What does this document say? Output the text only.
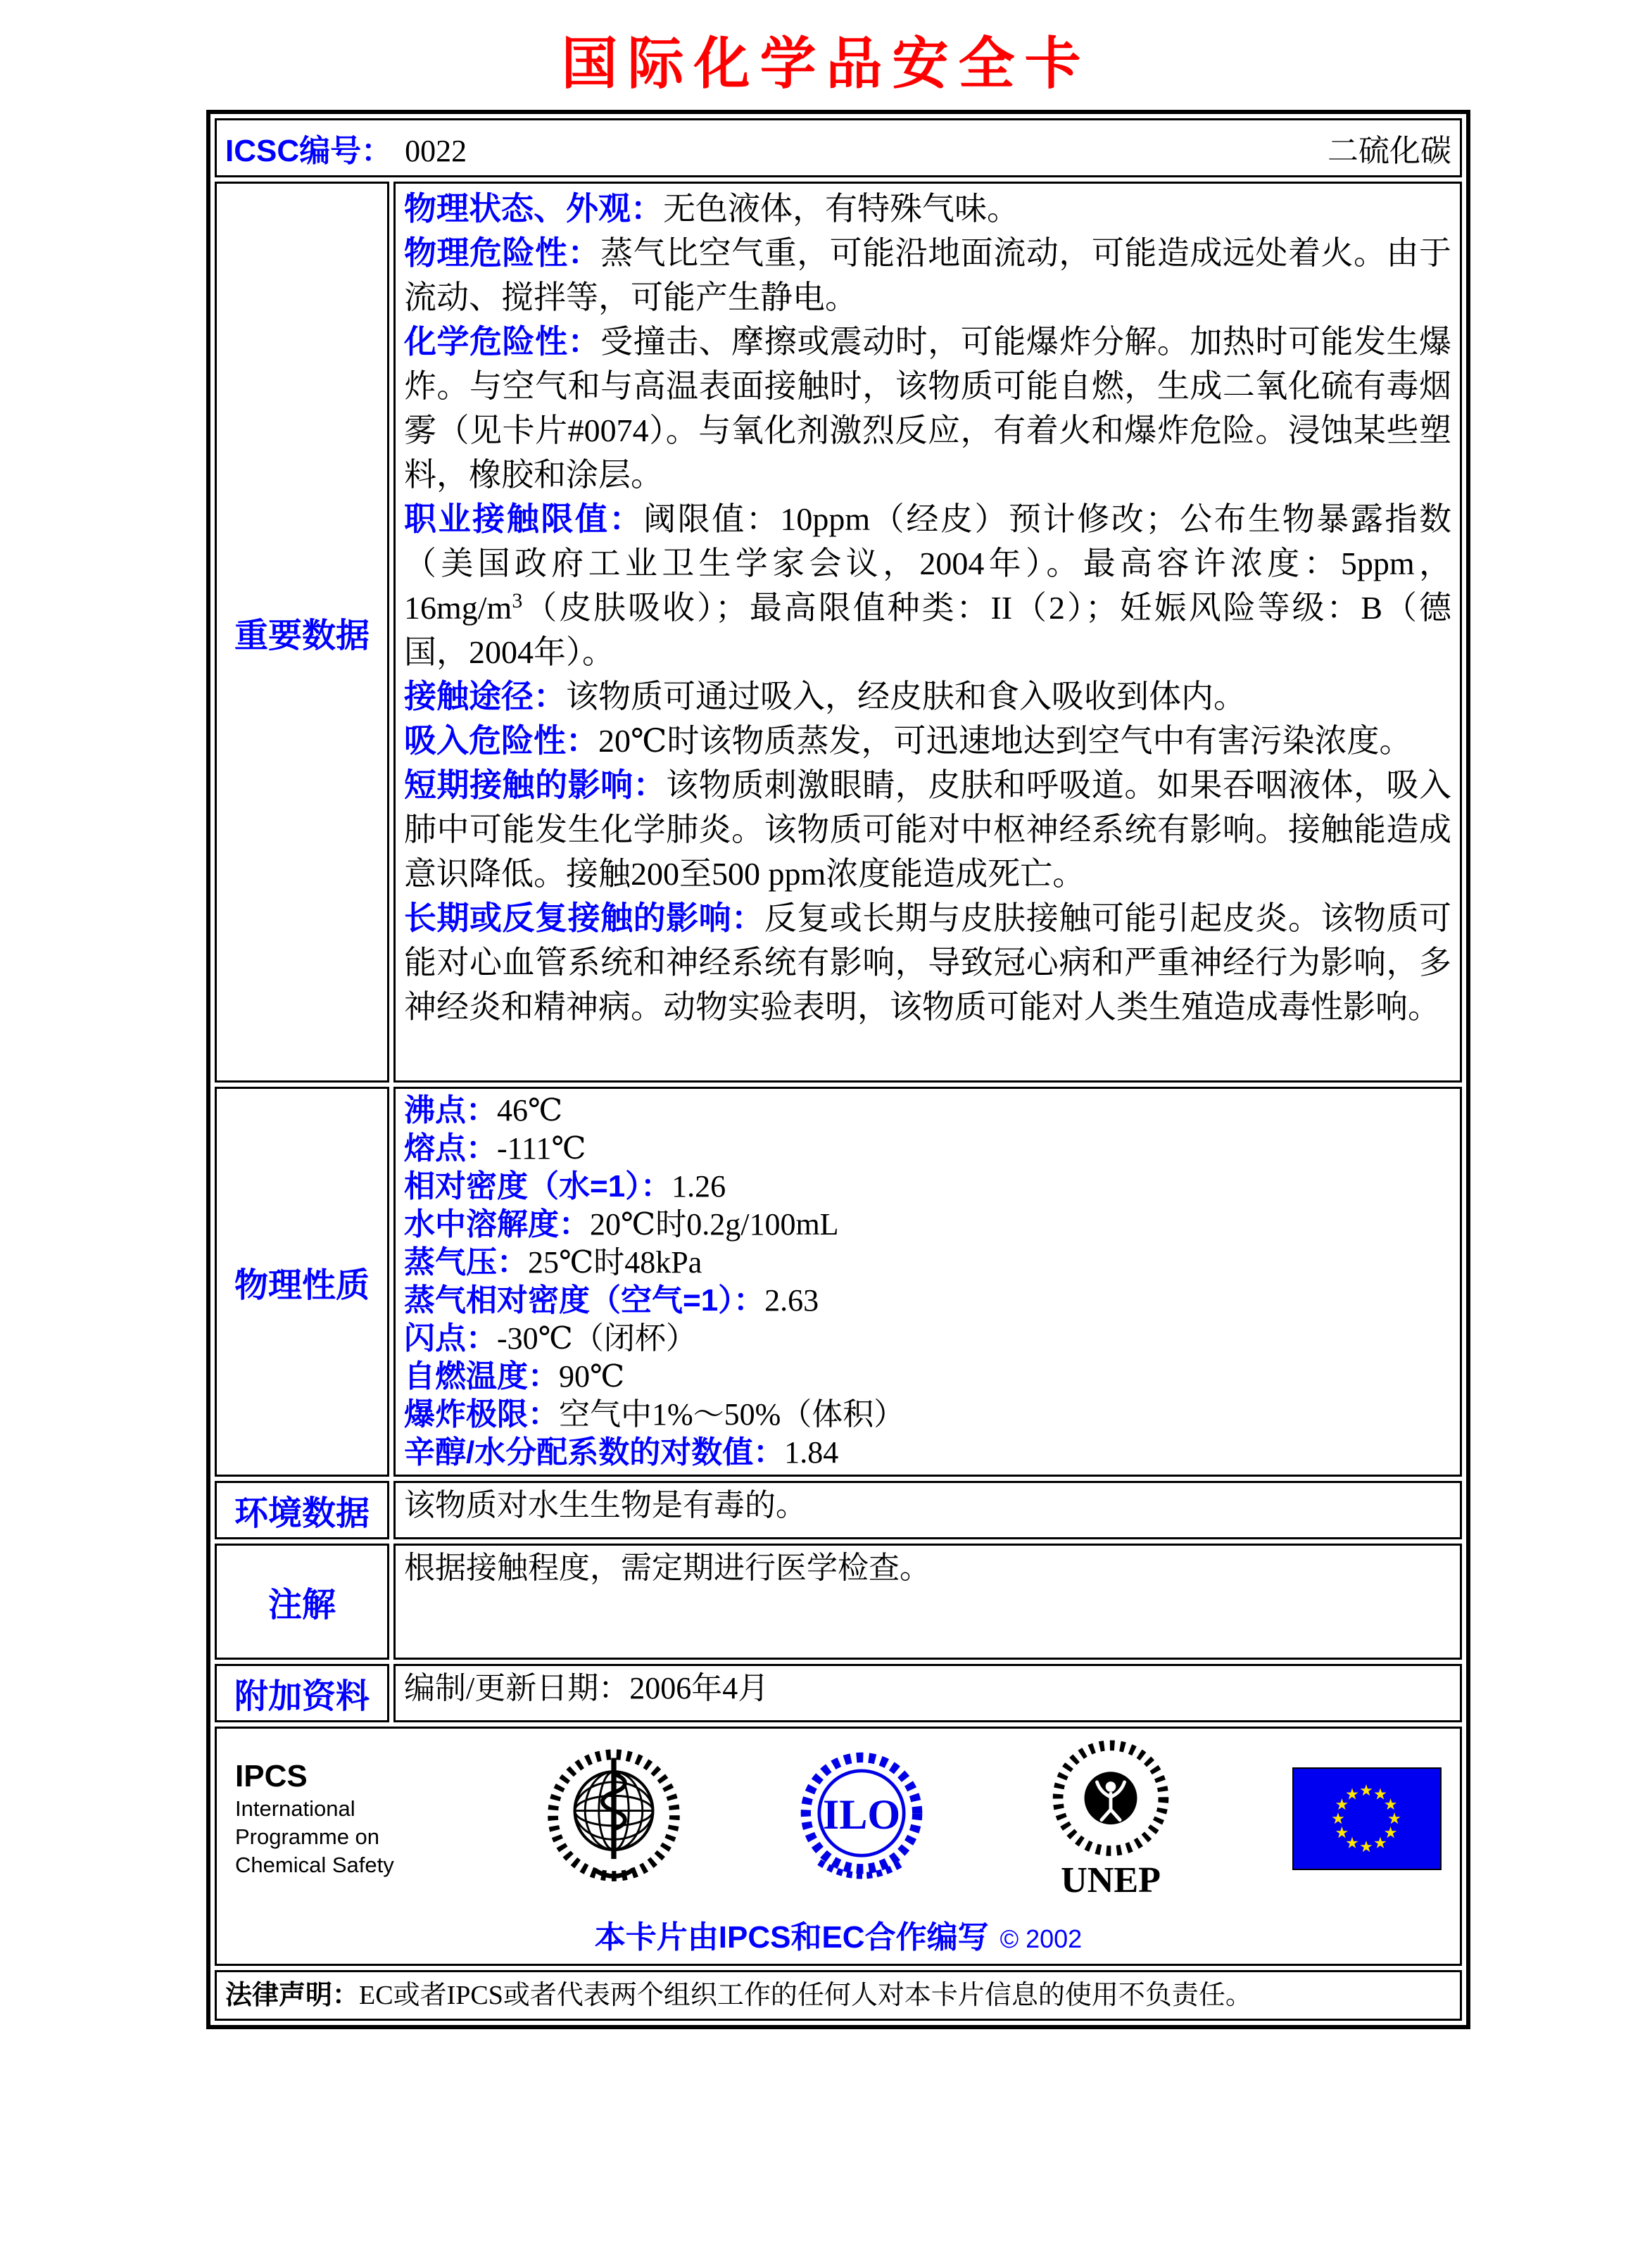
国际化学品安全卡
ICSC编号： 0022 二硫化碳	

重要数据	
物理状态、外观：无色液体，有特殊气味。
物理危险性：蒸气比空气重，可能沿地面流动，可能造成远处着火。由于流动、搅拌等，可能产生静电。
化学危险性：受撞击、摩擦或震动时，可能爆炸分解。加热时可能发生爆炸。与空气和与高温表面接触时，该物质可能自燃，生成二氧化硫有毒烟雾（见卡片#0074）。与氧化剂激烈反应，有着火和爆炸危险。浸蚀某些塑料，橡胶和涂层。
职业接触限值：阈限值：10ppm（经皮）预计修改；公布生物暴露指数（美国政府工业卫生学家会议，2004年）。最高容许浓度：5ppm，$16mg/m^3$（皮肤吸收）；最高限值种类：II（2）；妊娠风险等级：B（德国，2004年）。
接触途径：该物质可通过吸入，经皮肤和食入吸收到体内。
吸入危险性：20℃时该物质蒸发，可迅速地达到空气中有害污染浓度。
短期接触的影响：该物质刺激眼睛，皮肤和呼吸道。如果吞咽液体，吸入肺中可能发生化学肺炎。该物质可能对中枢神经系统有影响。接触能造成意识降低。接触200至500 ppm浓度能造成死亡。
长期或反复接触的影响：反复或长期与皮肤接触可能引起皮炎。该物质可能对心血管系统和神经系统有影响，导致冠心病和严重神经行为影响，多神经炎和精神病。动物实验表明，该物质可能对人类生殖造成毒性影响。

物理性质	
沸点：46℃
熔点：-111℃
相对密度（水=1）：1.26
水中溶解度：20℃时0.2g/100mL
蒸气压：25℃时48kPa
蒸气相对密度（空气=1）：2.63
闪点：-30℃（闭杯）
自燃温度：90℃
爆炸极限：空气中1%～50%（体积）
辛醇/水分配系数的对数值：1.84

环境数据	该物质对水生生物是有毒的。

注解	根据接触程度，需定期进行医学检查。

附加资料	编制/更新日期：2006年4月

IPCS
International
Programme on
Chemical Safety
ILO
UNEP
本卡片由IPCS和EC合作编写 © 2002

法律声明：EC或者IPCS或者代表两个组织工作的任何人对本卡片信息的使用不负责任。	
